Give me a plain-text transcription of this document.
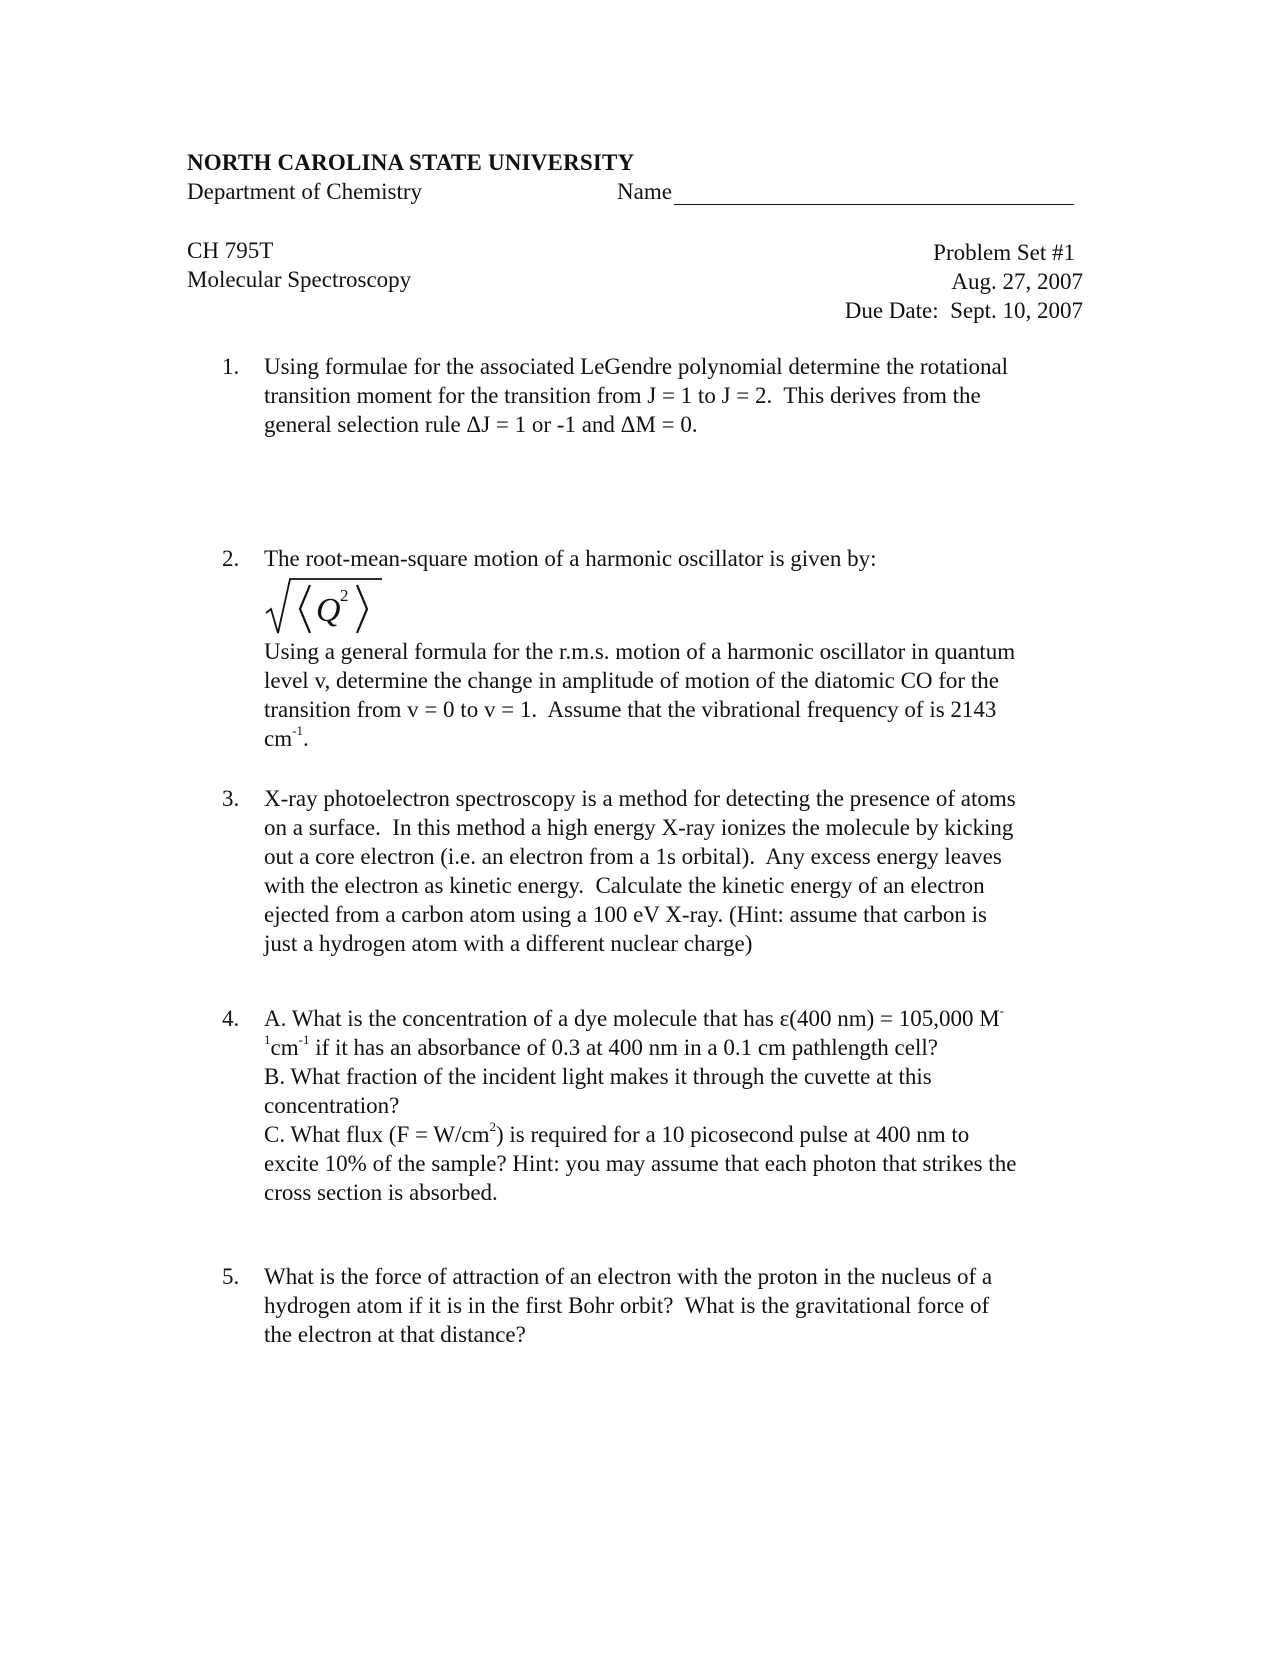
NORTH CAROLINA STATE UNIVERSITY
Department of Chemistry	Name
CH 795T
Molecular Spectroscopy
Problem Set #1
Aug. 27, 2007
Due Date:  Sept. 10, 2007
1. Using formulae for the associated LeGendre polynomial determine the rotational
transition moment for the transition from J = 1 to J = 2.  This derives from the
general selection rule ΔJ = 1 or -1 and ΔM = 0.
2. The root-mean-square motion of a harmonic oscillator is given by:
Q 2
Using a general formula for the r.m.s. motion of a harmonic oscillator in quantum
level v, determine the change in amplitude of motion of the diatomic CO for the
transition from v = 0 to v = 1.  Assume that the vibrational frequency of is 2143
$cm^{-1}$.
3. X-ray photoelectron spectroscopy is a method for detecting the presence of atoms
on a surface.  In this method a high energy X-ray ionizes the molecule by kicking
out a core electron (i.e. an electron from a 1s orbital).  Any excess energy leaves
with the electron as kinetic energy.  Calculate the kinetic energy of an electron
ejected from a carbon atom using a 100 eV X-ray. (Hint: assume that carbon is
just a hydrogen atom with a different nuclear charge)
4. A. What is the concentration of a dye molecule that has ε(400 nm) = 105,000 M-
$^1cm^{-1}$ if it has an absorbance of 0.3 at 400 nm in a 0.1 cm pathlength cell?
B. What fraction of the incident light makes it through the cuvette at this
concentration?
C. What flux $(F = W/cm^2)$ is required for a 10 picosecond pulse at 400 nm to
excite 10% of the sample? Hint: you may assume that each photon that strikes the
cross section is absorbed.
5. What is the force of attraction of an electron with the proton in the nucleus of a
hydrogen atom if it is in the first Bohr orbit?  What is the gravitational force of
the electron at that distance?
